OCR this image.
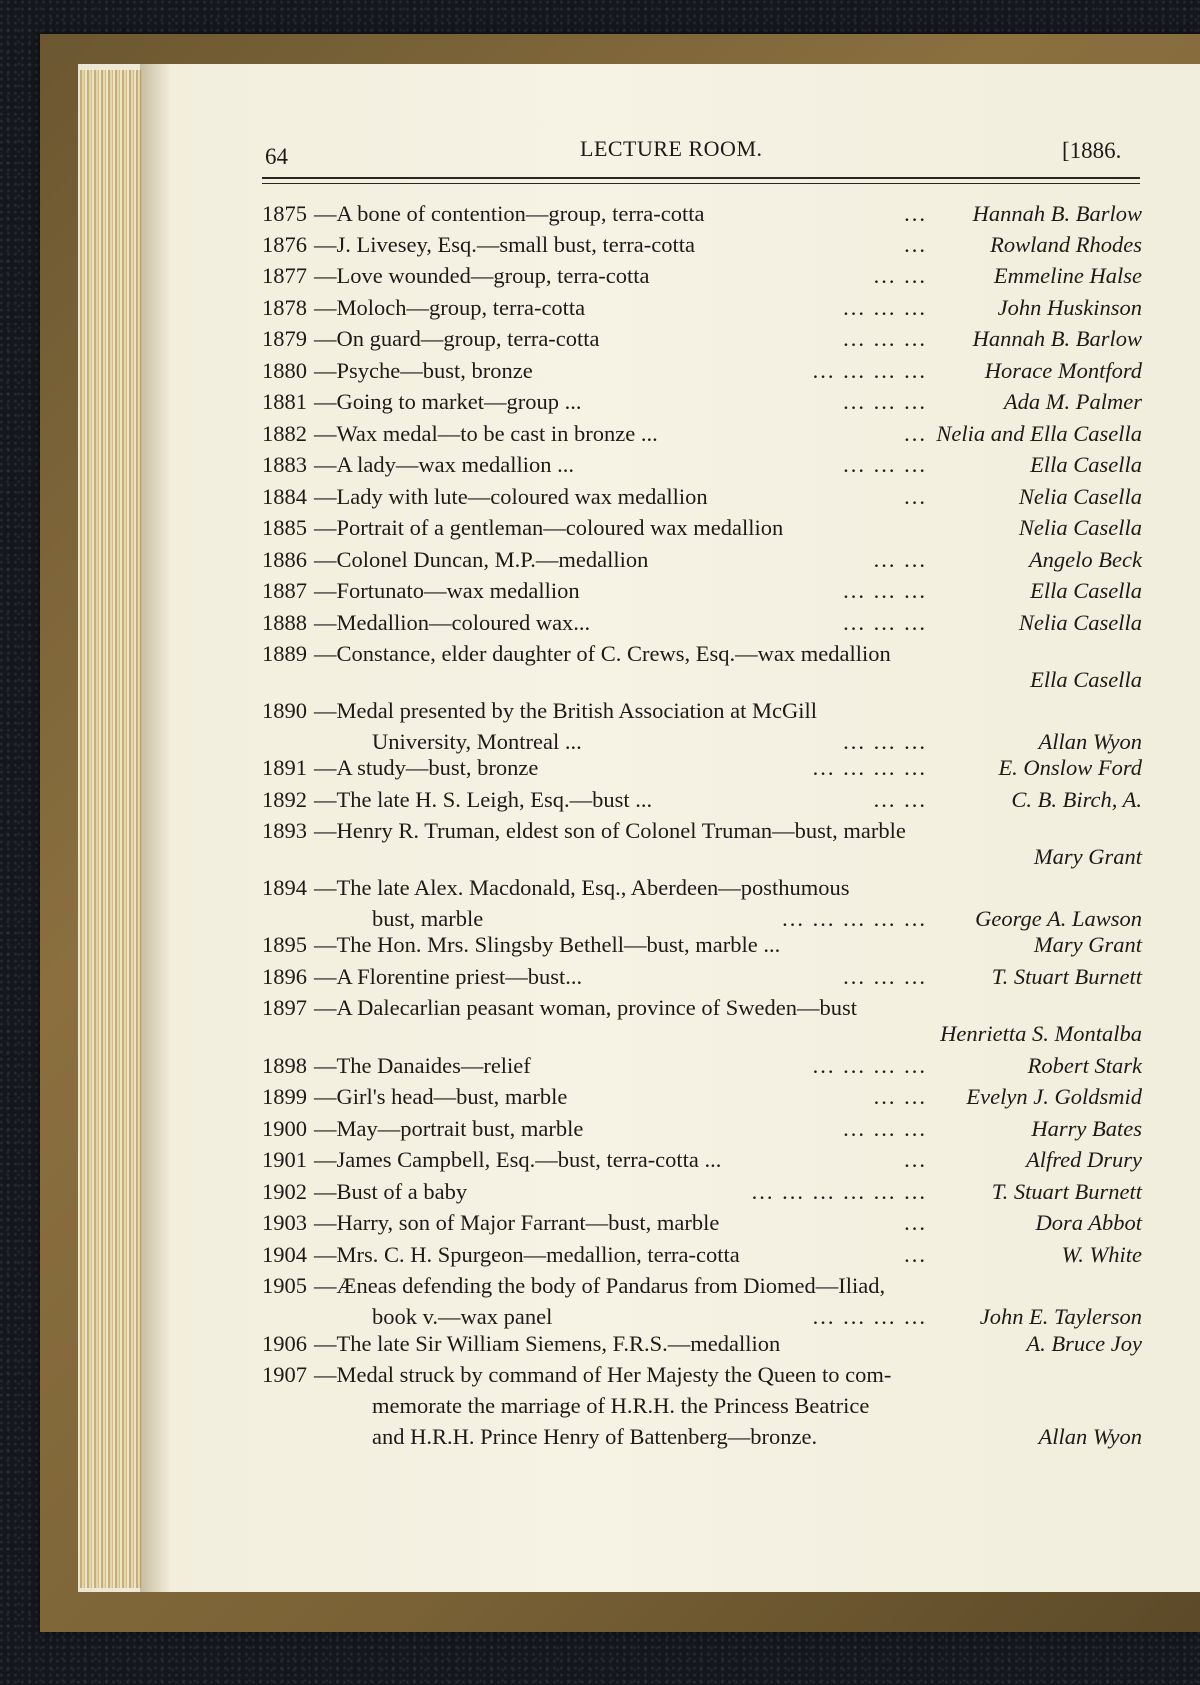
64	LECTURE ROOM.	[1886.
1875 —A bone of contention—group, terra-cotta	... Hannah B. Barlow
1876 —J. Livesey, Esq.—small bust, terra-cotta	...	Rowland Rhodes
1877 —Love wounded—group, terra-cotta	... ...	Emmeline Halse
1878 —Moloch—group, terra-cotta	... ... ...	John Huskinson
1879 —On guard—group, terra-cotta	... ... ... Hannah B. Barlow
1880 —Psyche—bust, bronze	... ... ... ...	Horace Montford
1881 —Going to market—group ...	... ... ...	Ada M. Palmer
1882 —Wax medal—to be cast in bronze ...	... Nelia and Ella Casella
1883 —A lady—wax medallion ...	... ... ...	Ella Casella
1884 —Lady with lute—coloured wax medallion	...	Nelia Casella
1885 —Portrait of a gentleman—coloured wax medallion	Nelia Casella
1886 —Colonel Duncan, M.P.—medallion	... ...	Angelo Beck
1887 —Fortunato—wax medallion	... ... ...	Ella Casella
1888 —Medallion—coloured wax...	... ... ...	Nelia Casella
1889 —Constance, elder daughter of C. Crews, Esq.—wax medallion
Ella Casella
1890 —Medal presented by the British Association at McGill
University, Montreal ...	... ... ...	Allan Wyon
1891 —A study—bust, bronze	... ... ... ...	E. Onslow Ford
1892 —The late H. S. Leigh, Esq.—bust ...	... ...	C. B. Birch, A.
1893 —Henry R. Truman, eldest son of Colonel Truman—bust, marble
Mary Grant
1894 —The late Alex. Macdonald, Esq., Aberdeen—posthumous
bust, marble	... ... ... ... ... George A. Lawson
1895 —The Hon. Mrs. Slingsby Bethell—bust, marble ...	Mary Grant
1896 —A Florentine priest—bust...	... ... ...	T. Stuart Burnett
1897 —A Dalecarlian peasant woman, province of Sweden—bust
Henrietta S. Montalba
1898 —The Danaides—relief	... ... ... ...	Robert Stark
1899 —Girl's head—bust, marble	... ... Evelyn J. Goldsmid
1900 —May—portrait bust, marble	... ... ...	Harry Bates
1901 —James Campbell, Esq.—bust, terra-cotta ...	...	Alfred Drury
1902 —Bust of a baby	... ... ... ... ... ...	T. Stuart Burnett
1903 —Harry, son of Major Farrant—bust, marble	...	Dora Abbot
1904 —Mrs. C. H. Spurgeon—medallion, terra-cotta	...	W. White
1905 —Æneas defending the body of Pandarus from Diomed—Iliad,
book v.—wax panel	... ... ... ... John E. Taylerson
1906 —The late Sir William Siemens, F.R.S.—medallion	A. Bruce Joy
1907 —Medal struck by command of Her Majesty the Queen to com-
memorate the marriage of H.R.H. the Princess Beatrice
and H.R.H. Prince Henry of Battenberg—bronze.	Allan Wyon
